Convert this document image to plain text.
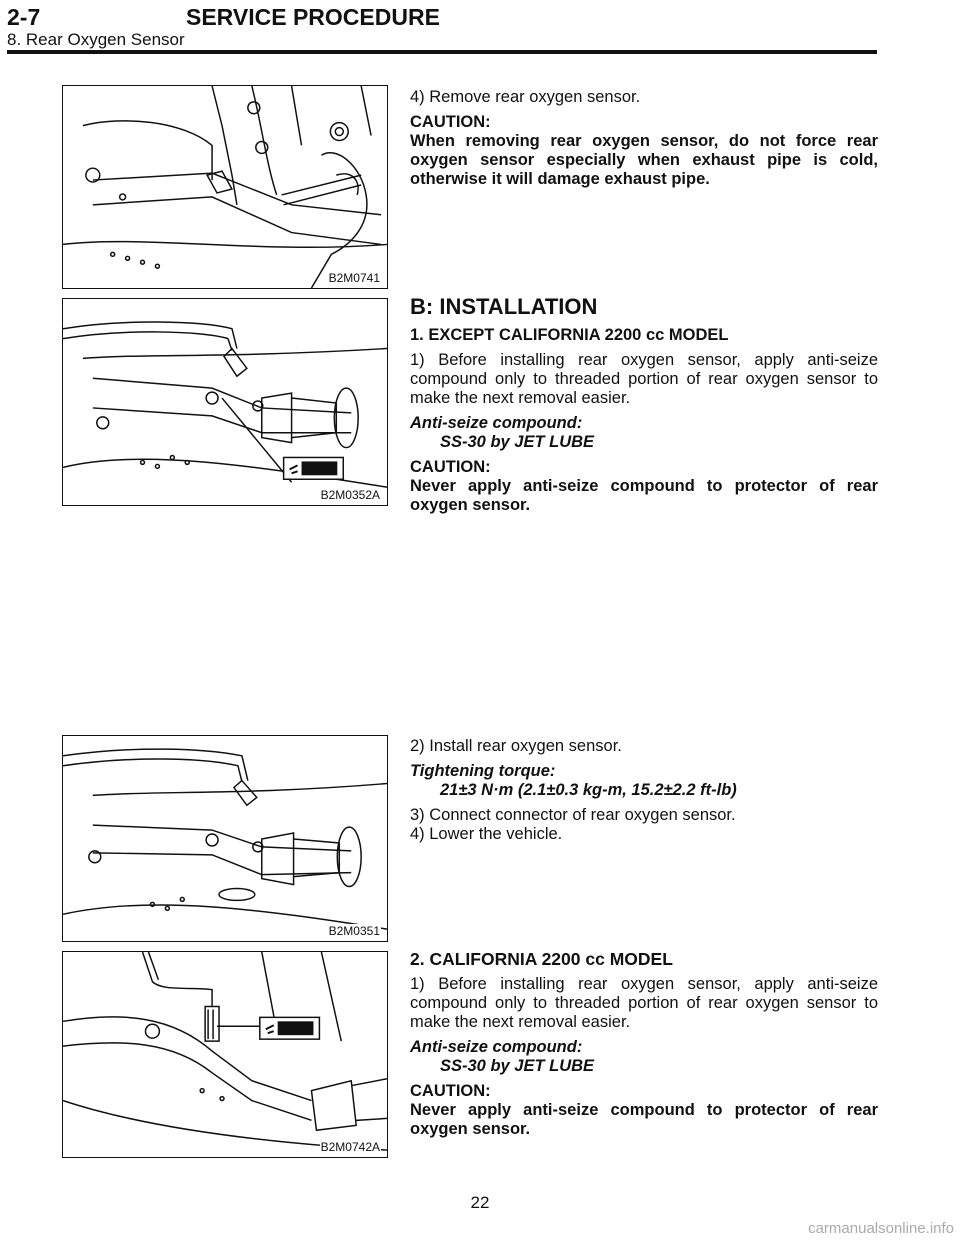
2-7	SERVICE PROCEDURE
8. Rear Oxygen Sensor
B2M0741
B2M0352A
B2M0351
B2M0742A

4) Remove rear oxygen sensor.

CAUTION:

When removing rear oxygen sensor, do not force rear oxygen sensor especially when exhaust pipe is cold, otherwise it will damage exhaust pipe.

B: INSTALLATION

1. EXCEPT CALIFORNIA 2200 cc MODEL

1) Before installing rear oxygen sensor, apply anti-seize compound only to threaded portion of rear oxygen sensor to make the next removal easier.

Anti-seize compound:

SS-30 by JET LUBE

CAUTION:

Never apply anti-seize compound to protector of rear oxygen sensor.

2) Install rear oxygen sensor.

Tightening torque:

21±3 N·m (2.1±0.3 kg-m, 15.2±2.2 ft-lb)

3) Connect connector of rear oxygen sensor.

4) Lower the vehicle.

2. CALIFORNIA 2200 cc MODEL

1) Before installing rear oxygen sensor, apply anti-seize compound only to threaded portion of rear oxygen sensor to make the next removal easier.

Anti-seize compound:

SS-30 by JET LUBE

CAUTION:

Never apply anti-seize compound to protector of rear oxygen sensor.

22
carmanualsonline.info
